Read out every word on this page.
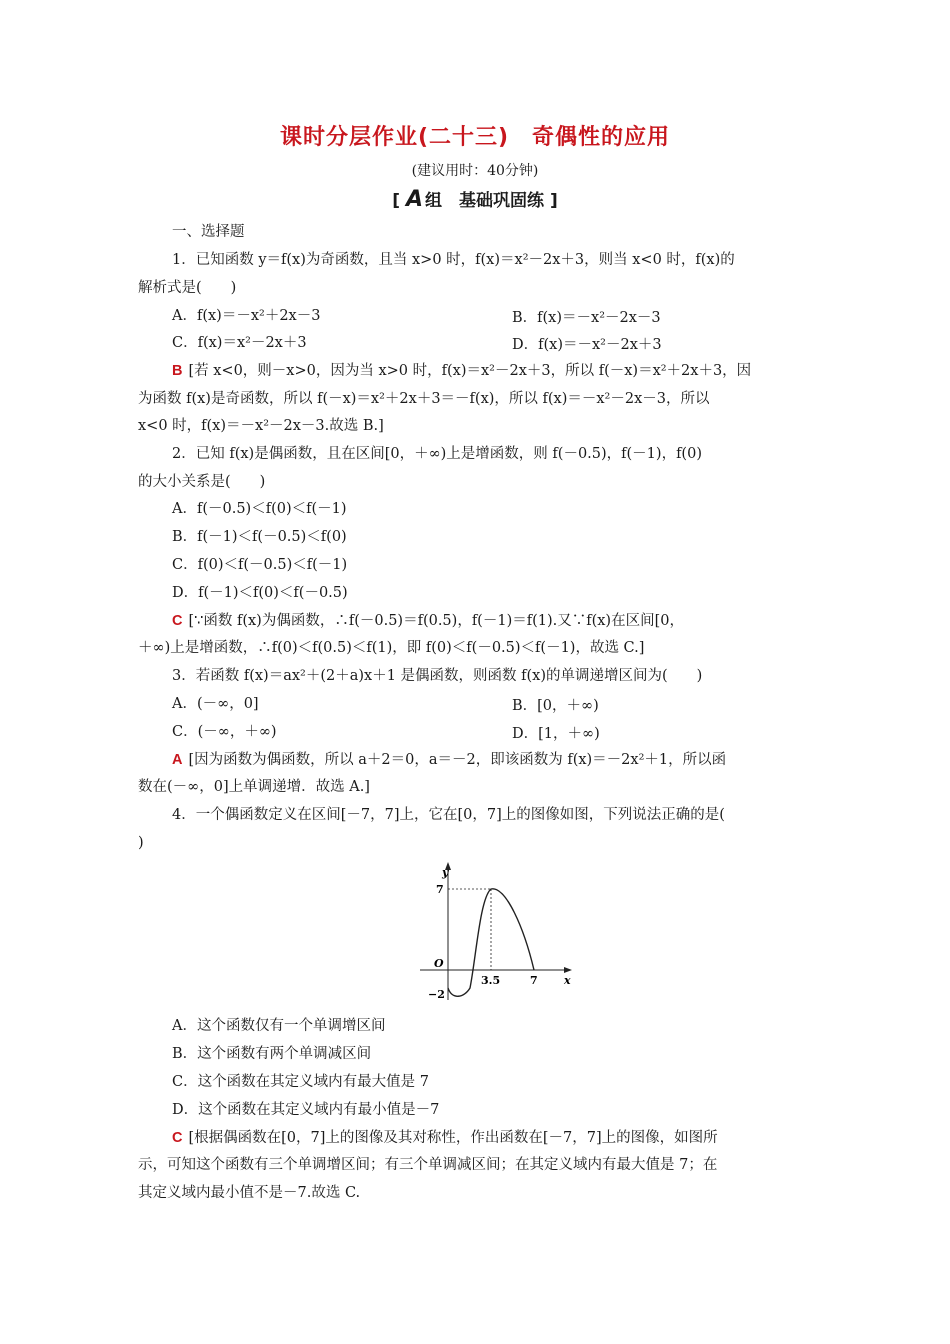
课时分层作业(二十三)　奇偶性的应用
(建议用时：40分钟)
[ A 组　基础巩固练 ]
一、选择题
1．已知函数 y＝f(x)为奇函数，且当 x>0 时，f(x)＝x²－2x＋3，则当 x<0 时，f(x)的
解析式是(　　)
A．f(x)＝－x²＋2x－3	B．f(x)＝－x²－2x－3
C．f(x)＝x²－2x＋3	D．f(x)＝－x²－2x＋3
B [若 x<0，则－x>0，因为当 x>0 时，f(x)＝x²－2x＋3，所以 f(－x)＝x²＋2x＋3，因
为函数 f(x)是奇函数，所以 f(－x)＝x²＋2x＋3＝－f(x)，所以 f(x)＝－x²－2x－3，所以
x<0 时，f(x)＝－x²－2x－3.故选 B.]
2．已知 f(x)是偶函数，且在区间[0，＋∞)上是增函数，则 f(－0.5)，f(－1)，f(0)
的大小关系是(　　)
A．f(－0.5)＜f(0)＜f(－1)
B．f(－1)＜f(－0.5)＜f(0)
C．f(0)＜f(－0.5)＜f(－1)
D．f(－1)＜f(0)＜f(－0.5)
C [∵函数 f(x)为偶函数，∴f(－0.5)＝f(0.5)，f(－1)＝f(1).又∵f(x)在区间[0，
＋∞)上是增函数，∴f(0)＜f(0.5)＜f(1)，即 f(0)＜f(－0.5)＜f(－1)，故选 C.]
3．若函数 f(x)＝ax²＋(2＋a)x＋1 是偶函数，则函数 f(x)的单调递增区间为(　　)
A．(－∞，0]	B．[0，＋∞)
C．(－∞，＋∞)	D．[1，＋∞)
A [因为函数为偶函数，所以 a＋2＝0，a＝－2，即该函数为 f(x)＝－2x²＋1，所以函
数在(－∞，0]上单调递增．故选 A.]
4．一个偶函数定义在区间[－7，7]上，它在[0，7]上的图像如图，下列说法正确的是(
)
y
x
O
7
−2
3.5	7
A．这个函数仅有一个单调增区间
B．这个函数有两个单调减区间
C．这个函数在其定义域内有最大值是 7
D．这个函数在其定义域内有最小值是－7
C [根据偶函数在[0，7]上的图像及其对称性，作出函数在[－7，7]上的图像，如图所
示，可知这个函数有三个单调增区间；有三个单调减区间；在其定义域内有最大值是 7；在
其定义域内最小值不是－7.故选 C.
